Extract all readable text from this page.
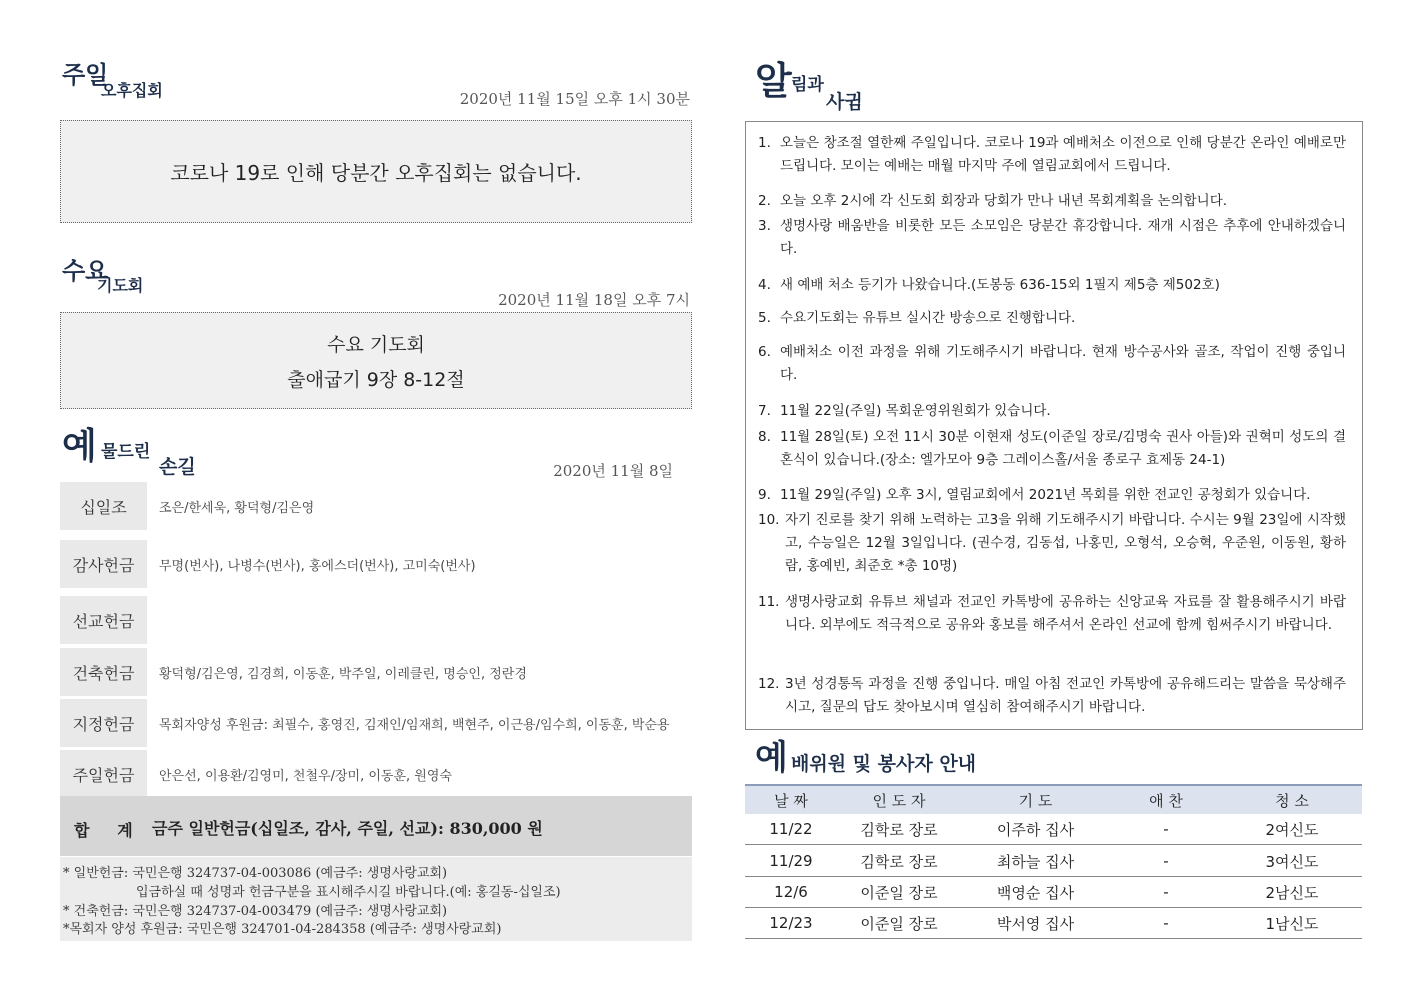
주일
오후집회	2020년 11월 15일 오후 1시 30분
코로나 19로 인해 당분간 오후집회는 없습니다.
수요
기도회
2020년 11월 18일 오후 7시
수요 기도회
출애굽기 9장 8-12절
예 물드린
손길	2020년 11월 8일
십일조	조은/한세욱, 황덕형/김은영
감사헌금	무명(번사), 나병수(번사), 홍에스더(번사), 고미숙(번사)
선교헌금
건축헌금	황덕형/김은영, 김경희, 이동훈, 박주일, 이레클린, 명승인, 정란경
지정헌금	목회자양성 후원금: 최필수, 홍영진, 김재인/임재희, 백현주, 이근용/임수희, 이동훈, 박순용
주일헌금	안은선, 이용환/김영미, 천철우/장미, 이동훈, 원영숙
합     계 금주 일반헌금(십일조, 감사, 주일, 선교): 830,000 원
* 일반헌금: 국민은행 324737-04-003086 (예금주: 생명사랑교회)
입금하실 때 성명과 헌금구분을 표시해주시길 바랍니다.(예: 홍길동-십일조)
* 건축헌금: 국민은행 324737-04-003479 (예금주: 생명사랑교회)
*목회자 양성 후원금: 국민은행 324701-04-284358 (예금주: 생명사랑교회)
알 림과
사귐
1. 오늘은 창조절 열한째 주일입니다. 코로나 19과 예배처소 이전으로 인해 당분간 온라인 예배로만 드립니다. 모이는 예배는 매월 마지막 주에 열림교회에서 드립니다.
2. 오늘 오후 2시에 각 신도회 회장과 당회가 만나 내년 목회계획을 논의합니다.
3. 생명사랑 배움반을 비롯한 모든 소모임은 당분간 휴강합니다. 재개 시점은 추후에 안내하겠습니다.
4. 새 예배 처소 등기가 나왔습니다.(도봉동 636-15외 1필지 제5층 제502호)
5. 수요기도회는 유튜브 실시간 방송으로 진행합니다.
6. 예배처소 이전 과정을 위해 기도해주시기 바랍니다. 현재 방수공사와 골조, 작업이 진행 중입니다.
7. 11월 22일(주일) 목회운영위원회가 있습니다.
8. 11월 28일(토) 오전 11시 30분 이현재 성도(이준일 장로/김명숙 권사 아들)와 권혁미 성도의 결혼식이 있습니다.(장소: 엘가모아 9층 그레이스홀/서울 종로구 효제동 24-1)
9. 11월 29일(주일) 오후 3시, 열림교회에서 2021년 목회를 위한 전교인 공청회가 있습니다.
10. 자기 진로를 찾기 위해 노력하는 고3을 위해 기도해주시기 바랍니다. 수시는 9월 23일에 시작했고, 수능일은 12월 3일입니다. (권수경, 김동섭, 나홍민, 오형석, 오승혁, 우준원, 이동원, 황하람, 홍예빈, 최준호 *총 10명)
11. 생명사랑교회 유튜브 채널과 전교인 카톡방에 공유하는 신앙교육 자료를 잘 활용해주시기 바랍니다. 외부에도 적극적으로 공유와 홍보를 해주셔서 온라인 선교에 함께 힘써주시기 바랍니다.
12. 3년 성경통독 과정을 진행 중입니다. 매일 아침 전교인 카톡방에 공유해드리는 말씀을 묵상해주시고, 질문의 답도 찾아보시며 열심히 참여해주시기 바랍니다.
예 배위원 및 봉사자 안내
날 짜	인 도 자	기 도	애 찬	청 소
11/22	김학로 장로	이주하 집사	-	2여신도
11/29	김학로 장로	최하늘 집사	-	3여신도
12/6	이준일 장로	백영순 집사	-	2남신도
12/23	이준일 장로	박서영 집사	-	1남신도
